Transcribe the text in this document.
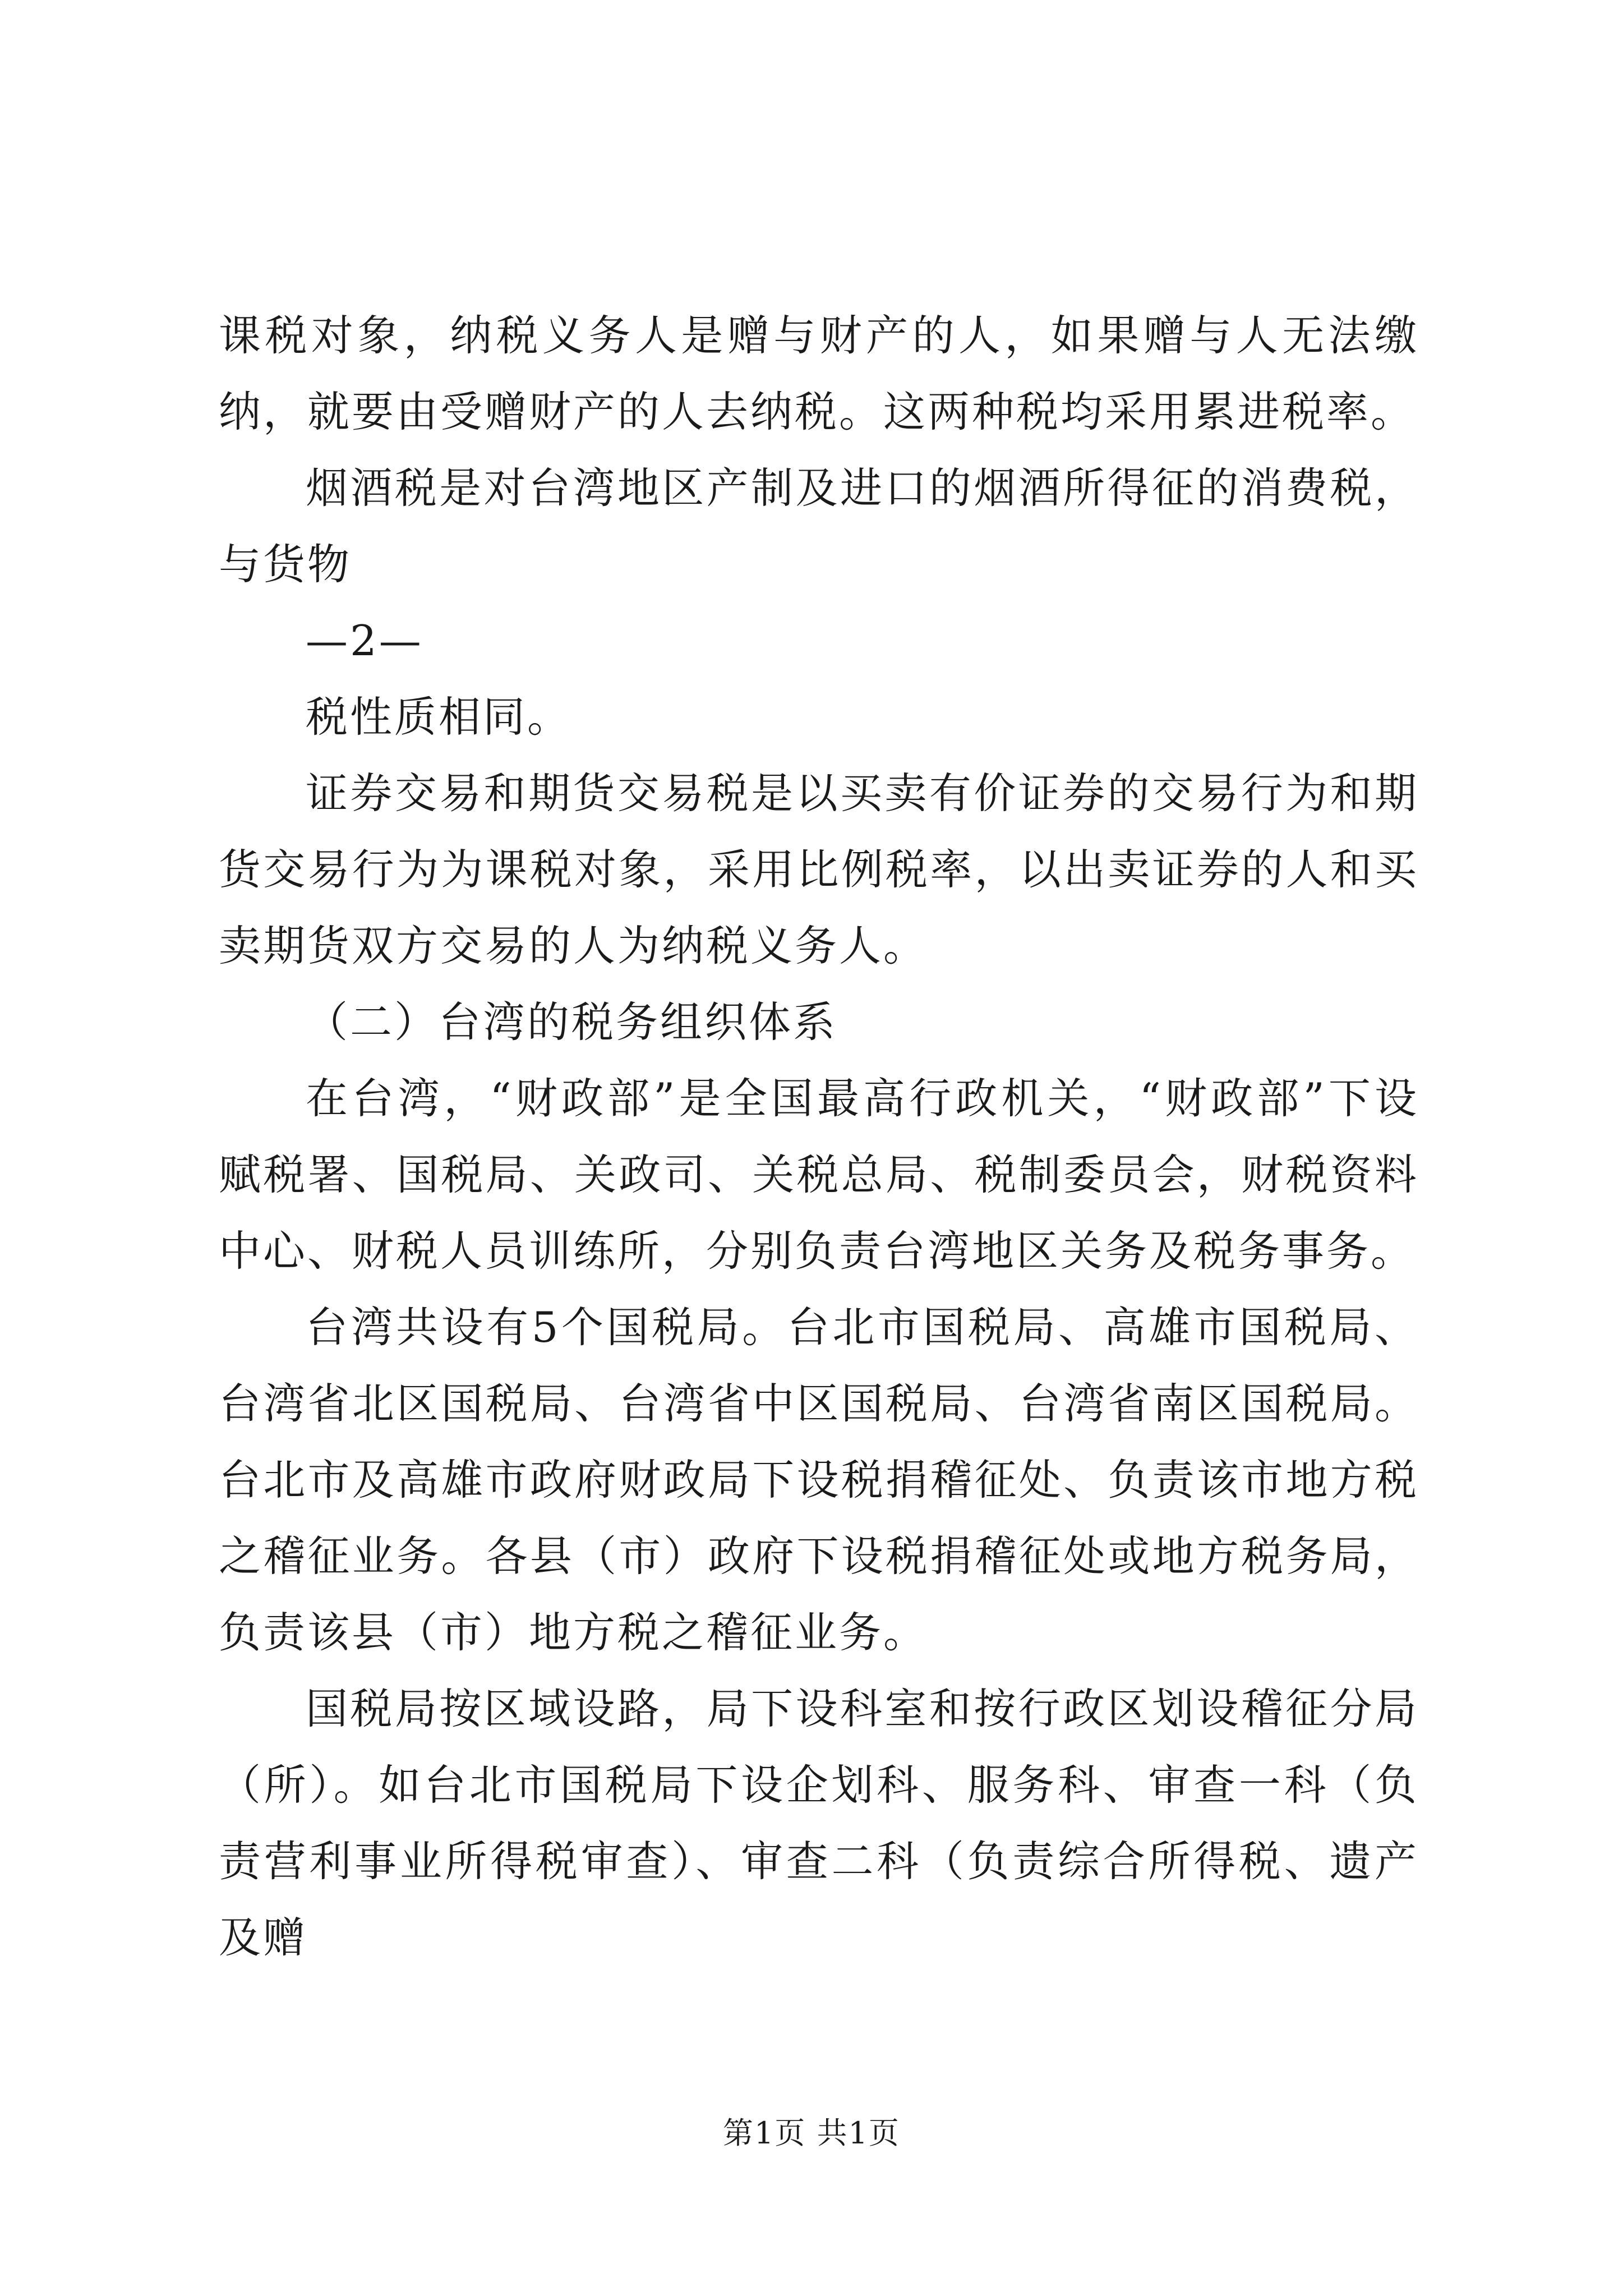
课税对象，纳税义务人是赠与财产的人，如果赠与人无法缴纳，就要由受赠财产的人去纳税。这两种税均采用累进税率。

烟酒税是对台湾地区产制及进口的烟酒所得征的消费税，与货物

—2—

税性质相同。

证券交易和期货交易税是以买卖有价证券的交易行为和期货交易行为为课税对象，采用比例税率，以出卖证券的人和买卖期货双方交易的人为纳税义务人。

（二）台湾的税务组织体系

在台湾，“财政部”是全国最高行政机关，“财政部”下设赋税署、国税局、关政司、关税总局、税制委员会，财税资料中心、财税人员训练所，分别负责台湾地区关务及税务事务。

台湾共设有5个国税局。台北市国税局、高雄市国税局、台湾省北区国税局、台湾省中区国税局、台湾省南区国税局。台北市及高雄市政府财政局下设税捐稽征处、负责该市地方税之稽征业务。各县（市）政府下设税捐稽征处或地方税务局，负责该县（市）地方税之稽征业务。

国税局按区域设路，局下设科室和按行政区划设稽征分局（所）。如台北市国税局下设企划科、服务科、审查一科（负责营利事业所得税审查）、审查二科（负责综合所得税、遗产及赠

第1页 共1页
